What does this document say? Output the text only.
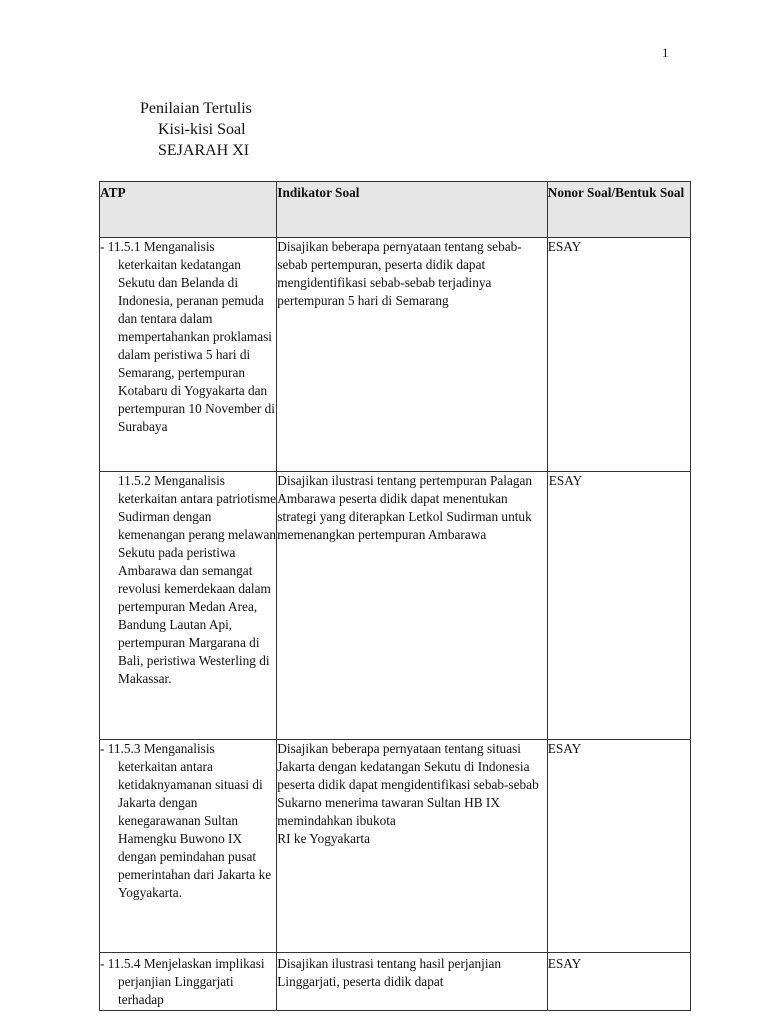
1
Penilaian Tertulis
Kisi-kisi Soal
SEJARAH XI
ATP	Indikator Soal	Nonor Soal/Bentuk Soal

- 11.5.1 Menganalisis keterkaitan kedatangan Sekutu dan Belanda di Indonesia, peranan pemuda dan tentara dalam mempertahankan proklamasi dalam peristiwa 5 hari di Semarang, pertempuran Kotabaru di Yogyakarta dan pertempuran 10 November di Surabaya	Disajikan beberapa pernyataan tentang sebab-sebab pertempuran, peserta didik dapat mengidentifikasi sebab-sebab terjadinya pertempuran 5 hari di Semarang	ESAY

11.5.2 Menganalisis keterkaitan antara patriotisme Sudirman dengan kemenangan perang melawan Sekutu pada peristiwa Ambarawa dan semangat revolusi kemerdekaan dalam pertempuran Medan Area, Bandung Lautan Api, pertempuran Margarana di Bali, peristiwa Westerling di Makassar.	Disajikan ilustrasi tentang pertempuran Palagan Ambarawa peserta didik dapat menentukan strategi yang diterapkan Letkol Sudirman untuk memenangkan pertempuran Ambarawa	ESAY

- 11.5.3 Menganalisis keterkaitan antara ketidaknyamanan situasi di Jakarta dengan kenegarawanan Sultan Hamengku Buwono IX dengan pemindahan pusat pemerintahan dari Jakarta ke Yogyakarta.	Disajikan beberapa pernyataan tentang situasi Jakarta dengan kedatangan Sekutu di Indonesia peserta didik dapat mengidentifikasi sebab-sebab Sukarno menerima tawaran Sultan HB IX memindahkan ibukota
RI ke Yogyakarta	ESAY

- 11.5.4 Menjelaskan implikasi perjanjian Linggarjati terhadap	Disajikan ilustrasi tentang hasil perjanjian Linggarjati, peserta didik dapat	ESAY
